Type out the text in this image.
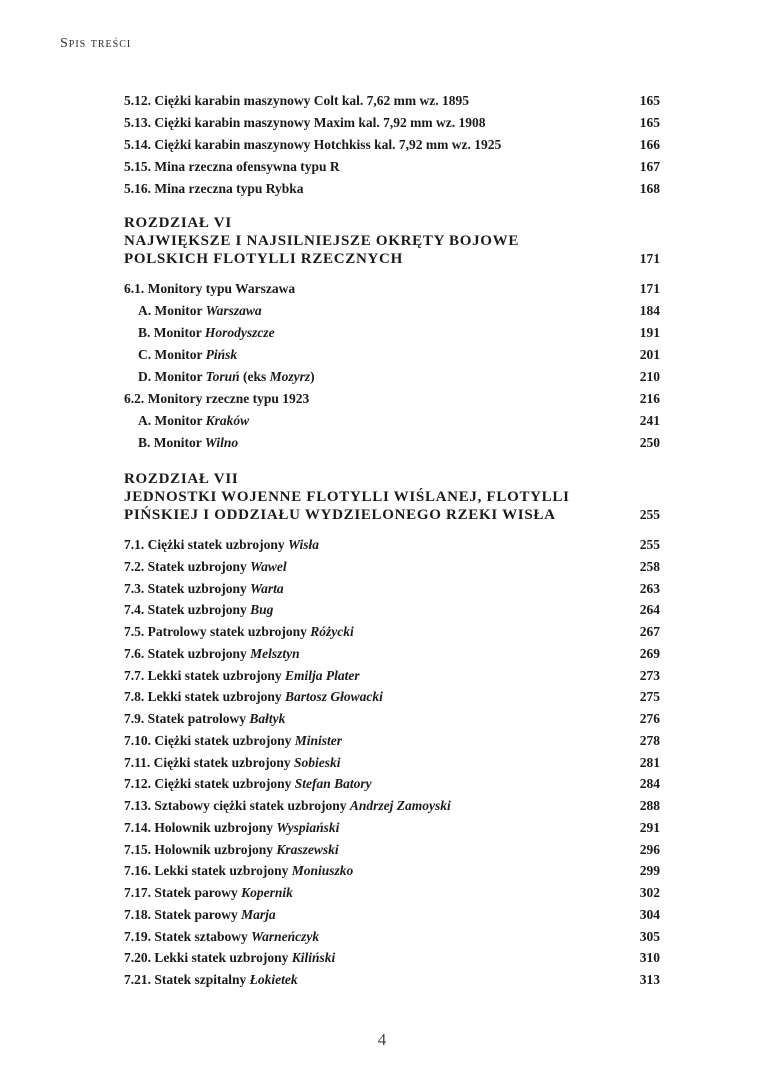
Spis treści
5.12. Ciężki karabin maszynowy Colt kal. 7,62 mm wz. 1895	165
5.13. Ciężki karabin maszynowy Maxim kal. 7,92 mm wz. 1908	165
5.14. Ciężki karabin maszynowy Hotchkiss kal. 7,92 mm wz. 1925	166
5.15. Mina rzeczna ofensywna typu R	167
5.16. Mina rzeczna typu Rybka	168
ROZDZIAŁ VI
NAJWIĘKSZE I NAJSILNIEJSZE OKRĘTY BOJOWE
POLSKICH FLOTYLLI RZECZNYCH	171
6.1. Monitory typu Warszawa	171
A. Monitor Warszawa	184
B. Monitor Horodyszcze	191
C. Monitor Pińsk	201
D. Monitor Toruń (eks Mozyrz)	210
6.2. Monitory rzeczne typu 1923	216
A. Monitor Kraków	241
B. Monitor Wilno	250
ROZDZIAŁ VII
JEDNOSTKI WOJENNE FLOTYLLI WIŚLANEJ, FLOTYLLI
PIŃSKIEJ I ODDZIAŁU WYDZIELONEGO RZEKI WISŁA	255
7.1. Ciężki statek uzbrojony Wisła	255
7.2. Statek uzbrojony Wawel	258
7.3. Statek uzbrojony Warta	263
7.4. Statek uzbrojony Bug	264
7.5. Patrolowy statek uzbrojony Różycki	267
7.6. Statek uzbrojony Melsztyn	269
7.7. Lekki statek uzbrojony Emilja Plater	273
7.8. Lekki statek uzbrojony Bartosz Głowacki	275
7.9. Statek patrolowy Bałtyk	276
7.10. Ciężki statek uzbrojony Minister	278
7.11. Ciężki statek uzbrojony Sobieski	281
7.12. Ciężki statek uzbrojony Stefan Batory	284
7.13. Sztabowy ciężki statek uzbrojony Andrzej Zamoyski	288
7.14. Holownik uzbrojony Wyspiański	291
7.15. Holownik uzbrojony Kraszewski	296
7.16. Lekki statek uzbrojony Moniuszko	299
7.17. Statek parowy Kopernik	302
7.18. Statek parowy Marja	304
7.19. Statek sztabowy Warneńczyk	305
7.20. Lekki statek uzbrojony Kiliński	310
7.21. Statek szpitalny Łokietek	313
4
